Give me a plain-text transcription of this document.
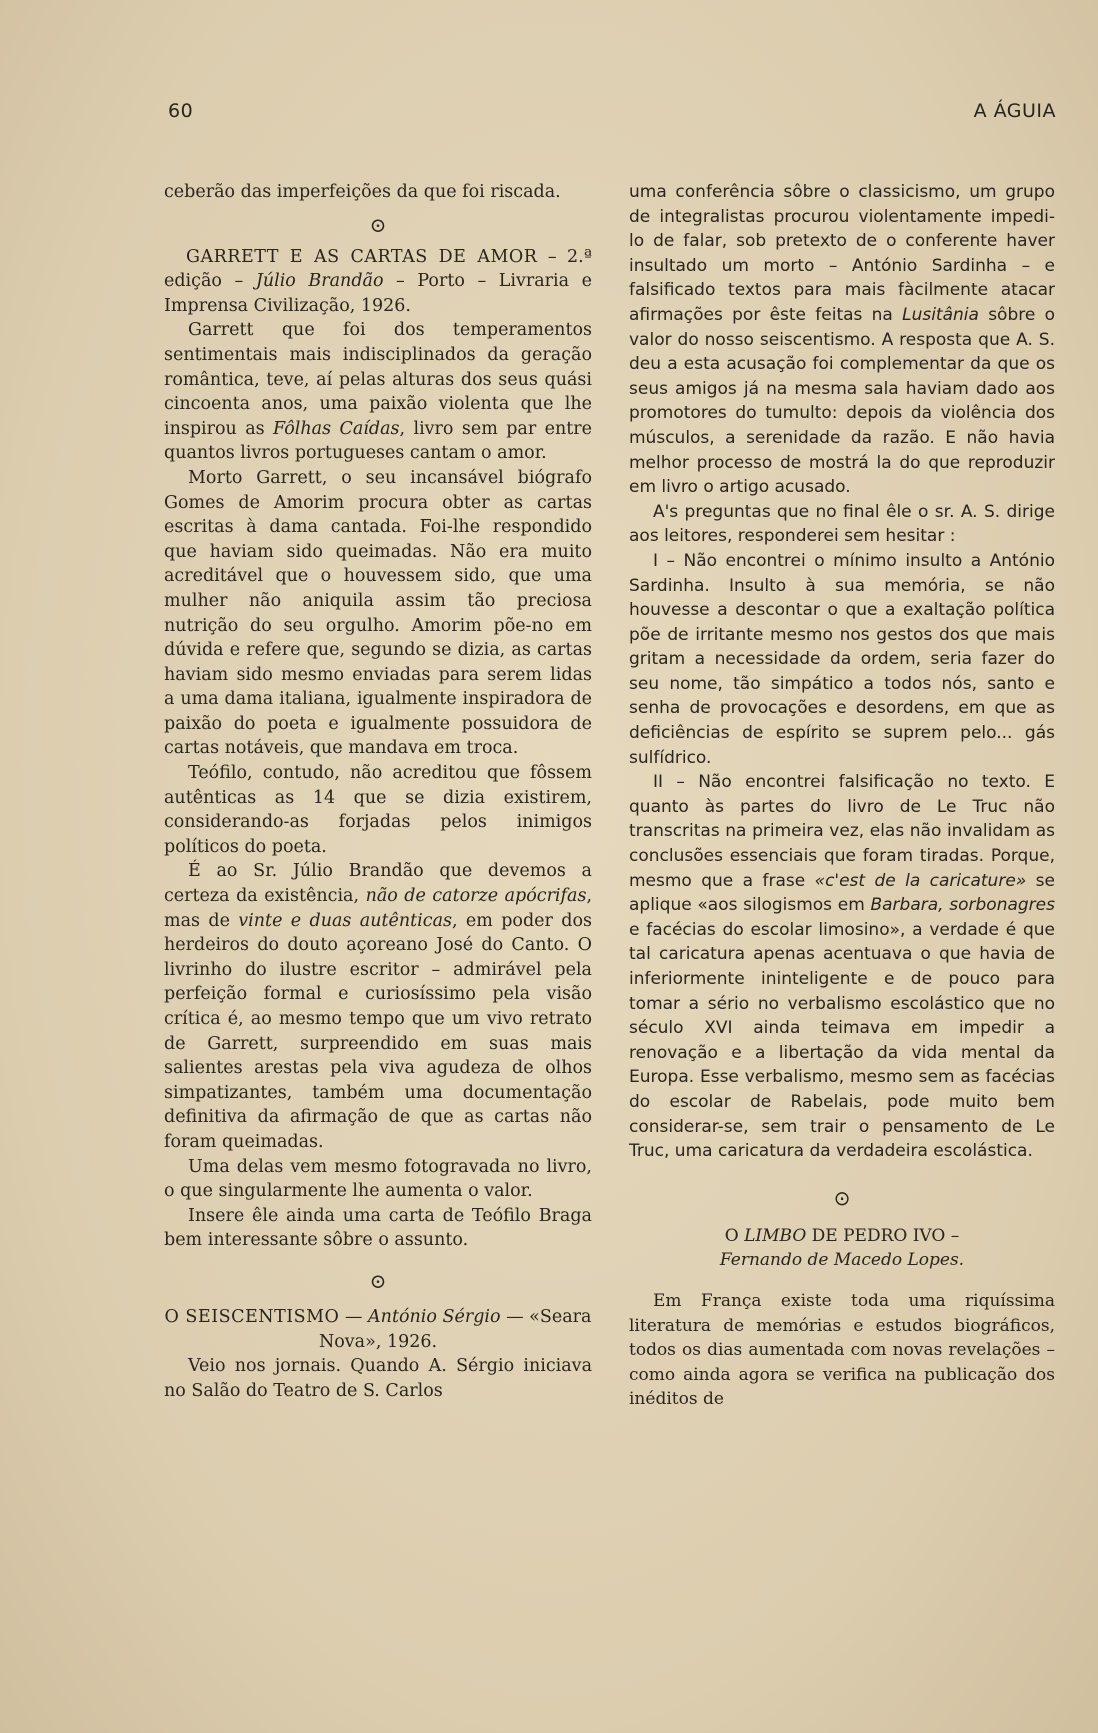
60	A ÁGUIA

ceberão das imperfeições da que foi riscada.

⊙

GARRETT E AS CARTAS DE AMOR – 2.ª edição – Júlio Brandão – Porto – Livraria e Imprensa Civilização, 1926.

Garrett que foi dos temperamentos sentimentais mais indisciplinados da geração romântica, teve, aí pelas alturas dos seus quási cincoenta anos, uma paixão violenta que lhe inspirou as Fôlhas Caídas, livro sem par entre quantos livros portugueses cantam o amor.

Morto Garrett, o seu incansável biógrafo Gomes de Amorim procura obter as cartas escritas à dama cantada. Foi-lhe respondido que haviam sido queimadas. Não era muito acreditável que o houvessem sido, que uma mulher não aniquila assim tão preciosa nutrição do seu orgulho. Amorim põe-no em dúvida e refere que, segundo se dizia, as cartas haviam sido mesmo enviadas para serem lidas a uma dama italiana, igualmente inspiradora de paixão do poeta e igualmente possuidora de cartas notáveis, que mandava em troca.

Teófilo, contudo, não acreditou que fôssem autênticas as 14 que se dizia existirem, considerando-as forjadas pelos inimigos políticos do poeta.

É ao Sr. Júlio Brandão que devemos a certeza da existência, não de catorze apócrifas, mas de vinte e duas autênticas, em poder dos herdeiros do douto açoreano José do Canto. O livrinho do ilustre escritor – admirável pela perfeição formal e curiosíssimo pela visão crítica é, ao mesmo tempo que um vivo retrato de Garrett, surpreendido em suas mais salientes arestas pela viva agudeza de olhos simpatizantes, também uma documentação definitiva da afirmação de que as cartas não foram queimadas.

Uma delas vem mesmo fotogravada no livro, o que singularmente lhe aumenta o valor.

Insere êle ainda uma carta de Teófilo Braga bem interessante sôbre o assunto.

⊙

O SEISCENTISMO — António Sérgio — «Seara Nova», 1926.

Veio nos jornais. Quando A. Sérgio iniciava no Salão do Teatro de S. Carlos

uma conferência sôbre o classicismo, um grupo de integralistas procurou violentamente impedi-lo de falar, sob pretexto de o conferente haver insultado um morto – António Sardinha – e falsificado textos para mais fàcilmente atacar afirmações por êste feitas na Lusitânia sôbre o valor do nosso seiscentismo. A resposta que A. S. deu a esta acusação foi complementar da que os seus amigos já na mesma sala haviam dado aos promotores do tumulto: depois da violência dos músculos, a serenidade da razão. E não havia melhor processo de mostrá la do que reproduzir em livro o artigo acusado.

A's preguntas que no final êle o sr. A. S. dirige aos leitores, responderei sem hesitar :

I – Não encontrei o mínimo insulto a António Sardinha. Insulto à sua memória, se não houvesse a descontar o que a exaltação política põe de irritante mesmo nos gestos dos que mais gritam a necessidade da ordem, seria fazer do seu nome, tão simpático a todos nós, santo e senha de provocações e desordens, em que as deficiências de espírito se suprem pelo... gás sulfídrico.

II – Não encontrei falsificação no texto. E quanto às partes do livro de Le Truc não transcritas na primeira vez, elas não invalidam as conclusões essenciais que foram tiradas. Porque, mesmo que a frase «c'est de la caricature» se aplique «aos silogismos em Barbara, sorbonagres e facécias do escolar limosino», a verdade é que tal caricatura apenas acentuava o que havia de inferiormente ininteligente e de pouco para tomar a sério no verbalismo escolástico que no século XVI ainda teimava em impedir a renovação e a libertação da vida mental da Europa. Esse verbalismo, mesmo sem as facécias do escolar de Rabelais, pode muito bem considerar-se, sem trair o pensamento de Le Truc, uma caricatura da verdadeira escolástica.

⊙

O LIMBO DE PEDRO IVO –

Fernando de Macedo Lopes.

Em França existe toda uma riquíssima literatura de memórias e estudos biográficos, todos os dias aumentada com novas revelações – como ainda agora se verifica na publicação dos inéditos de
